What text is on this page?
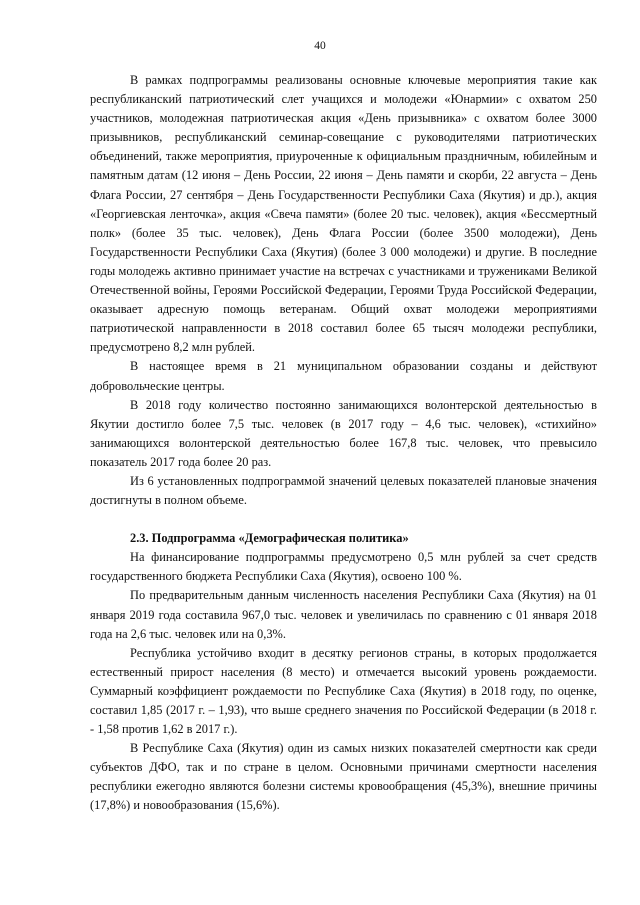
40

В рамках подпрограммы реализованы основные ключевые мероприятия такие как республиканский патриотический слет учащихся и молодежи «Юнармии» с охватом 250 участников, молодежная патриотическая акция «День призывника» с охватом более 3000 призывников, республиканский семинар-совещание с руководителями патриотических объединений, также мероприятия, приуроченные к официальным праздничным, юбилейным и памятным датам (12 июня – День России, 22 июня – День памяти и скорби, 22 августа – День Флага России, 27 сентября – День Государственности Республики Саха (Якутия) и др.), акция «Георгиевская ленточка», акция «Свеча памяти» (более 20 тыс. человек), акция «Бессмертный полк» (более 35 тыс. человек), День Флага России (более 3500 молодежи), День Государственности Республики Саха (Якутия) (более 3 000 молодежи) и другие. В последние годы молодежь активно принимает участие на встречах с участниками и тружениками Великой Отечественной войны, Героями Российской Федерации, Героями Труда Российской Федерации, оказывает адресную помощь ветеранам. Общий охват молодежи мероприятиями патриотической направленности в 2018 составил более 65 тысяч молодежи республики, предусмотрено 8,2 млн рублей.

В настоящее время в 21 муниципальном образовании созданы и действуют добровольческие центры.

В 2018 году количество постоянно занимающихся волонтерской деятельностью в Якутии достигло более 7,5 тыс. человек (в 2017 году – 4,6 тыс. человек), «стихийно» занимающихся волонтерской деятельностью более 167,8 тыс. человек, что превысило показатель 2017 года более 20 раз.

Из 6 установленных подпрограммой значений целевых показателей плановые значения достигнуты в полном объеме.

2.3. Подпрограмма «Демографическая политика»

На финансирование подпрограммы предусмотрено 0,5 млн рублей за счет средств государственного бюджета Республики Саха (Якутия), освоено 100 %.

По предварительным данным численность населения Республики Саха (Якутия) на 01 января 2019 года составила 967,0 тыс. человек и увеличилась по сравнению с 01 января 2018 года на 2,6 тыс. человек или на 0,3%.

Республика устойчиво входит в десятку регионов страны, в которых продолжается естественный прирост населения (8 место) и отмечается высокий уровень рождаемости. Суммарный коэффициент рождаемости по Республике Саха (Якутия) в 2018 году, по оценке, составил 1,85 (2017 г. – 1,93), что выше среднего значения по Российской Федерации (в 2018 г. - 1,58 против 1,62 в 2017 г.).

В Республике Саха (Якутия) один из самых низких показателей смертности как среди субъектов ДФО, так и по стране в целом. Основными причинами смертности населения республики ежегодно являются болезни системы кровообращения (45,3%), внешние причины (17,8%) и новообразования (15,6%).
